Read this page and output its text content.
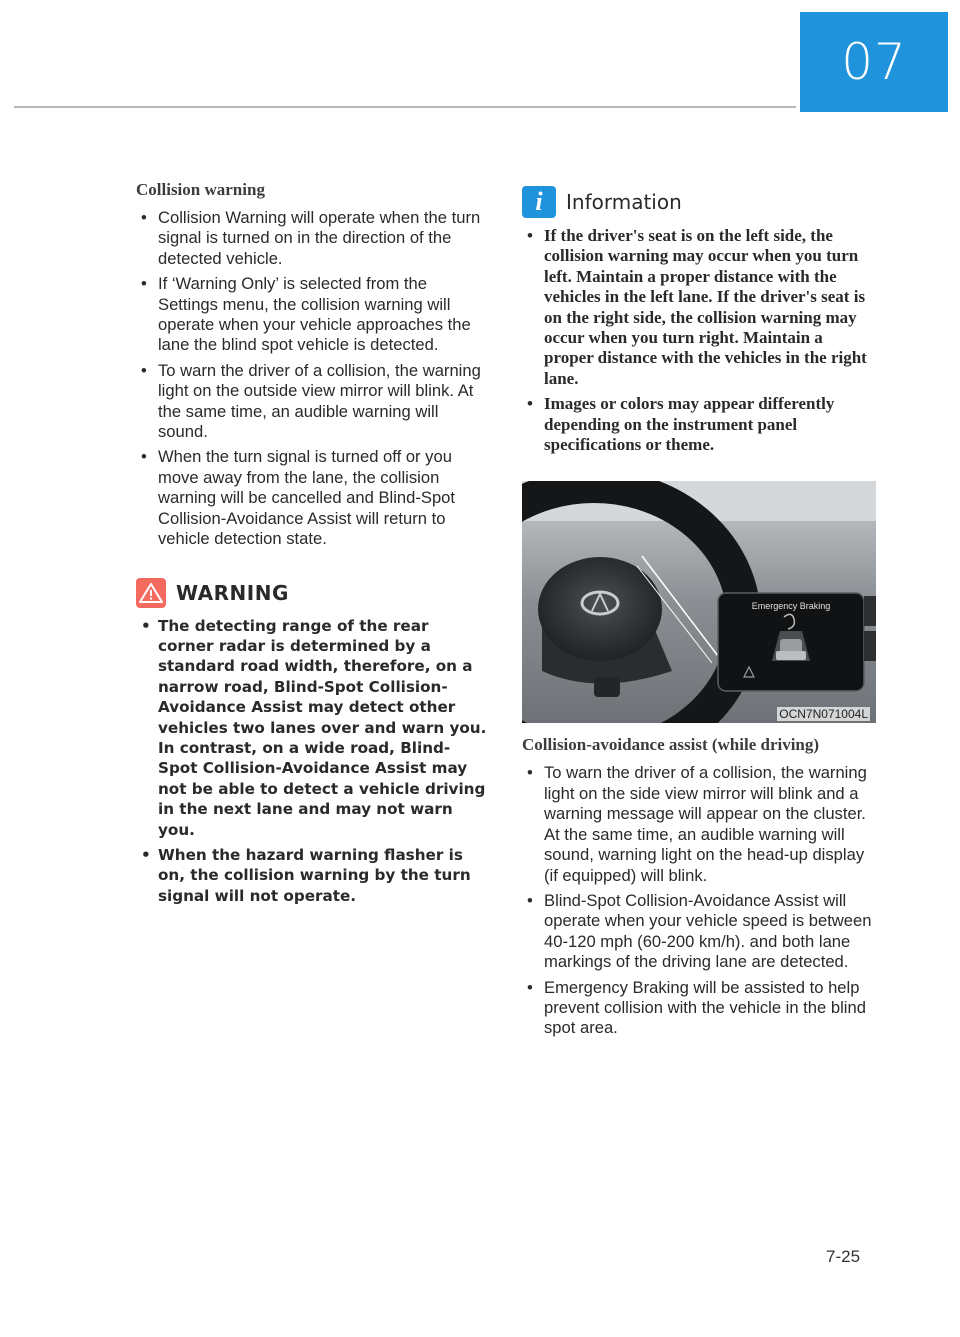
07
Collision warning
• Collision Warning will operate when the turn signal is turned on in the direction of the detected vehicle.
• If ‘Warning Only’ is selected from the Settings menu, the collision warning will operate when your vehicle approaches the lane the blind spot vehicle is detected.
• To warn the driver of a collision, the warning light on the outside view mirror will blink. At the same time, an audible warning will sound.
• When the turn signal is turned off or you move away from the lane, the collision warning will be cancelled and Blind-Spot Collision-Avoidance Assist will return to vehicle detection state.
WARNING
• The detecting range of the rear corner radar is determined by a standard road width, therefore, on a narrow road, Blind-Spot Collision-Avoidance Assist may detect other vehicles two lanes over and warn you. In contrast, on a wide road, Blind-Spot Collision-Avoidance Assist may not be able to detect a vehicle driving in the next lane and may not warn you.
• When the hazard warning flasher is on, the collision warning by the turn signal will not operate.
i	Information
• If the driver's seat is on the left side, the collision warning may occur when you turn left. Maintain a proper distance with the vehicles in the left lane. If the driver's seat is on the right side, the collision warning may occur when you turn right. Maintain a proper distance with the vehicles in the right lane.
• Images or colors may appear differently depending on the instrument panel specifications or theme.
Emergency Braking
OCN7N071004L
Collision-avoidance assist (while driving)
• To warn the driver of a collision, the warning light on the side view mirror will blink and a warning message will appear on the cluster. At the same time, an audible warning will sound, warning light on the head-up display (if equipped) will blink.
• Blind-Spot Collision-Avoidance Assist will operate when your vehicle speed is between 40-120 mph (60-200 km/h). and both lane markings of the driving lane are detected.
• Emergency Braking will be assisted to help prevent collision with the vehicle in the blind spot area.
7-25
